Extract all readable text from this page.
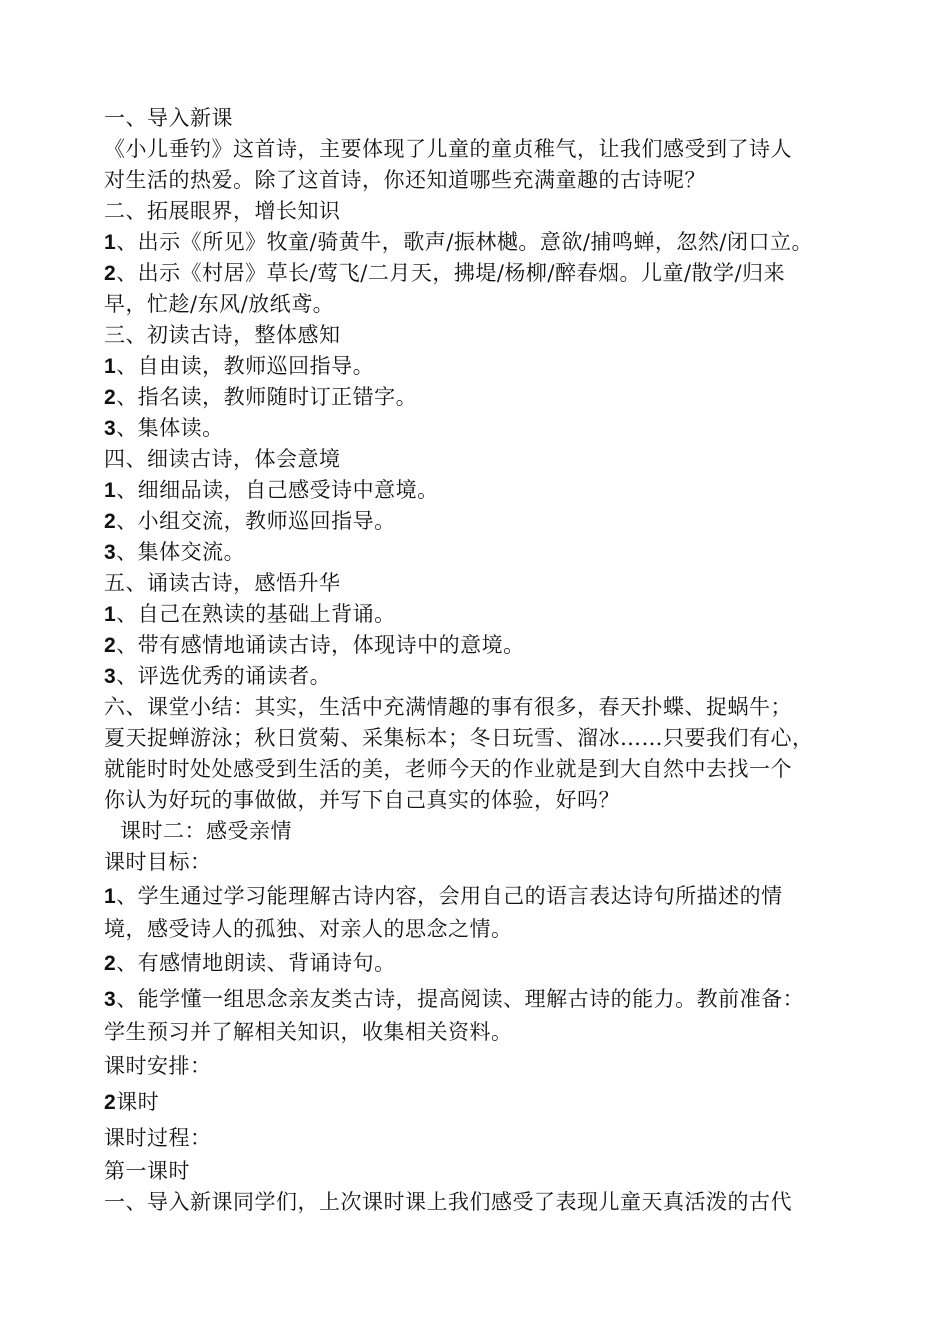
一、导入新课
《小儿垂钓》这首诗，主要体现了儿童的童贞稚气，让我们感受到了诗人
对生活的热爱。除了这首诗，你还知道哪些充满童趣的古诗呢？
二、拓展眼界，增长知识
1、出示《所见》牧童/骑黄牛，歌声/振林樾。意欲/捕鸣蝉，忽然/闭口立。
2、出示《村居》草长/莺飞/二月天，拂堤/杨柳/醉春烟。儿童/散学/归来
早，忙趁/东风/放纸鸢。
三、初读古诗，整体感知
1、自由读，教师巡回指导。
2、指名读，教师随时订正错字。
3、集体读。
四、细读古诗，体会意境
1、细细品读，自己感受诗中意境。
2、小组交流，教师巡回指导。
3、集体交流。
五、诵读古诗，感悟升华
1、自己在熟读的基础上背诵。
2、带有感情地诵读古诗，体现诗中的意境。
3、评选优秀的诵读者。
六、课堂小结：其实，生活中充满情趣的事有很多，春天扑蝶、捉蜗牛；
夏天捉蝉游泳；秋日赏菊、采集标本；冬日玩雪、溜冰……只要我们有心，
就能时时处处感受到生活的美，老师今天的作业就是到大自然中去找一个
你认为好玩的事做做，并写下自己真实的体验，好吗？
课时二：感受亲情
课时目标：
1、学生通过学习能理解古诗内容，会用自己的语言表达诗句所描述的情
境，感受诗人的孤独、对亲人的思念之情。
2、有感情地朗读、背诵诗句。
3、能学懂一组思念亲友类古诗，提高阅读、理解古诗的能力。教前准备：
学生预习并了解相关知识，收集相关资料。
课时安排：
2课时
课时过程：
第一课时
一、导入新课同学们，上次课时课上我们感受了表现儿童天真活泼的古代
